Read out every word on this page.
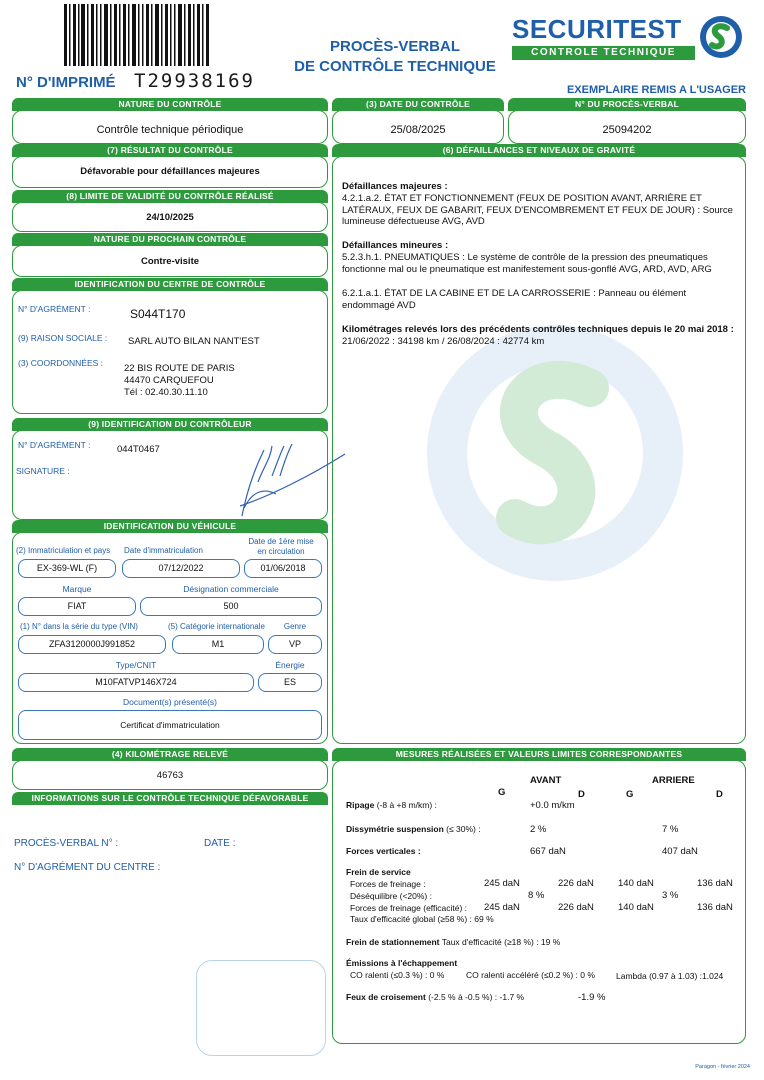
N° D'IMPRIMÉ T29938169
PROCÈS-VERBAL
DE CONTRÔLE TECHNIQUE
SECURITEST
CONTROLE TECHNIQUE
EXEMPLAIRE REMIS A L'USAGER
NATURE DU CONTRÔLE
Contrôle technique périodique
(3) DATE DU CONTRÔLE
25/08/2025
N° DU PROCÈS-VERBAL
25094202
(7) RÉSULTAT DU CONTRÔLE
Défavorable pour défaillances majeures
(8) LIMITE DE VALIDITÉ DU CONTRÔLE RÉALISÉ
24/10/2025
NATURE DU PROCHAIN CONTRÔLE
Contre-visite
IDENTIFICATION DU CENTRE DE CONTRÔLE
N° D'AGRÉMENT :	S044T170
(9) RAISON SOCIALE : SARL AUTO BILAN NANT'EST
(3) COORDONNÉES : 22 BIS ROUTE DE PARIS
44470 CARQUEFOU
Tél : 02.40.30.11.10
(9) IDENTIFICATION DU CONTRÔLEUR
N° D'AGRÉMENT :	044T0467
SIGNATURE :
IDENTIFICATION DU VÉHICULE
(2) Immatriculation et pays Date d'immatriculation
Date de 1ère mise
en circulation
EX-369-WL (F)	07/12/2022	01/06/2018
Marque	Désignation commerciale
FIAT	500
(1) N° dans la série du type (VIN)	(5) Catégorie internationale	Genre
ZFA3120000J991852	M1	VP
Type/CNIT	Énergie
M10FATVP146X724	ES
Document(s) présenté(s)
Certificat d'immatriculation
(4) KILOMÉTRAGE RELEVÉ
46763
INFORMATIONS SUR LE CONTRÔLE TECHNIQUE DÉFAVORABLE
PROCÈS-VERBAL N° :	DATE :
N° D'AGRÉMENT DU CENTRE :
(6) DÉFAILLANCES ET NIVEAUX DE GRAVITÉ
Défaillances majeures :
4.2.1.a.2. ÉTAT ET FONCTIONNEMENT (FEUX DE POSITION AVANT, ARRIÈRE ET LATÉRAUX, FEUX DE GABARIT, FEUX D'ENCOMBREMENT ET FEUX DE JOUR) : Source lumineuse défectueuse AVG, AVD
Défaillances mineures :
5.2.3.h.1. PNEUMATIQUES : Le système de contrôle de la pression des pneumatiques fonctionne mal ou le pneumatique est manifestement sous-gonflé AVG, ARD, AVD, ARG
6.2.1.a.1. ÉTAT DE LA CABINE ET DE LA CARROSSERIE : Panneau ou élément endommagé AVD
Kilométrages relevés lors des précédents contrôles techniques depuis le 20 mai 2018 : 21/06/2022 : 34198 km / 26/08/2024 : 42774 km
MESURES RÉALISÉES ET VALEURS LIMITES CORRESPONDANTES
AVANT	ARRIERE
G	D	G	D
Ripage (-8 à +8 m/km) :	+0.0 m/km
Dissymétrie suspension (≤ 30%) :	2 %	7 %
Forces verticales :	667 daN	407 daN
Frein de service
Forces de freinage :	245 daN	226 daN	140 daN	136 daN
Déséquilibre (<20%) :	8 %	3 %
Forces de freinage (efficacité) : 245 daN	226 daN	140 daN	136 daN
Taux d'efficacité global (≥58 %) : 69 %
Frein de stationnement Taux d'efficacité (≥18 %) : 19 %
Émissions à l'échappement
CO ralenti (≤0.3 %) : 0 %	CO ralenti accéléré (≤0.2 %) : 0 % Lambda (0.97 à 1.03) :1.024
Feux de croisement (-2.5 % à -0.5 %) : -1.7 %	-1.9 %
Paragon - février 2024
